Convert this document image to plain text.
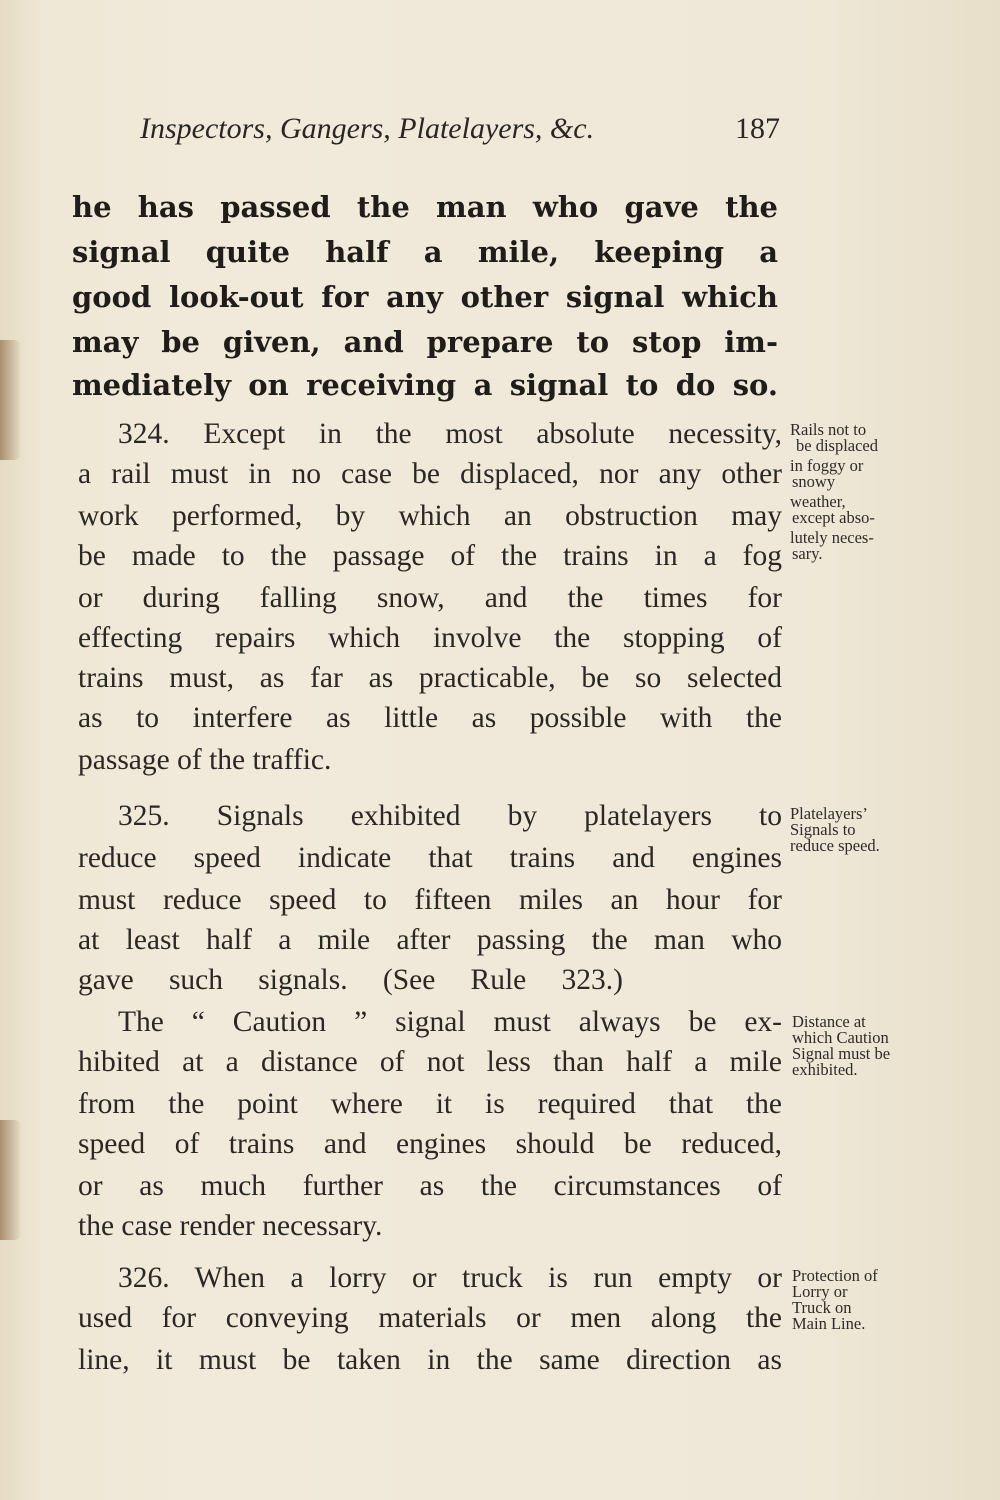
Inspectors, Gangers, Platelayers, &c.	187
he has passed the man who gave the
signal quite half a mile, keeping a
good look-out for any other signal which
may be given, and prepare to stop im-
mediately on receiving a signal to do so.
324. Except in the most absolute necessity,
a rail must in no case be displaced, nor any other
work performed, by which an obstruction may
be made to the passage of the trains in a fog
or during falling snow, and the times for
effecting repairs which involve the stopping of
trains must, as far as practicable, be so selected
as to interfere as little as possible with the
passage of the traffic.
325. Signals exhibited by platelayers to
reduce speed indicate that trains and engines
must reduce speed to fifteen miles an hour for
at least half a mile after passing the man who
gave such signals. (See Rule 323.)
The “ Caution ” signal must always be ex-
hibited at a distance of not less than half a mile
from the point where it is required that the
speed of trains and engines should be reduced,
or as much further as the circumstances of
the case render necessary.
326. When a lorry or truck is run empty or
used for conveying materials or men along the
line, it must be taken in the same direction as
Rails not to
be displaced
in foggy or
snowy
weather,
except abso-
lutely neces-
sary.
Platelayers’
Signals to
reduce speed.
Distance at
which Caution
Signal must be
exhibited.
Protection of
Lorry or
Truck on
Main Line.
